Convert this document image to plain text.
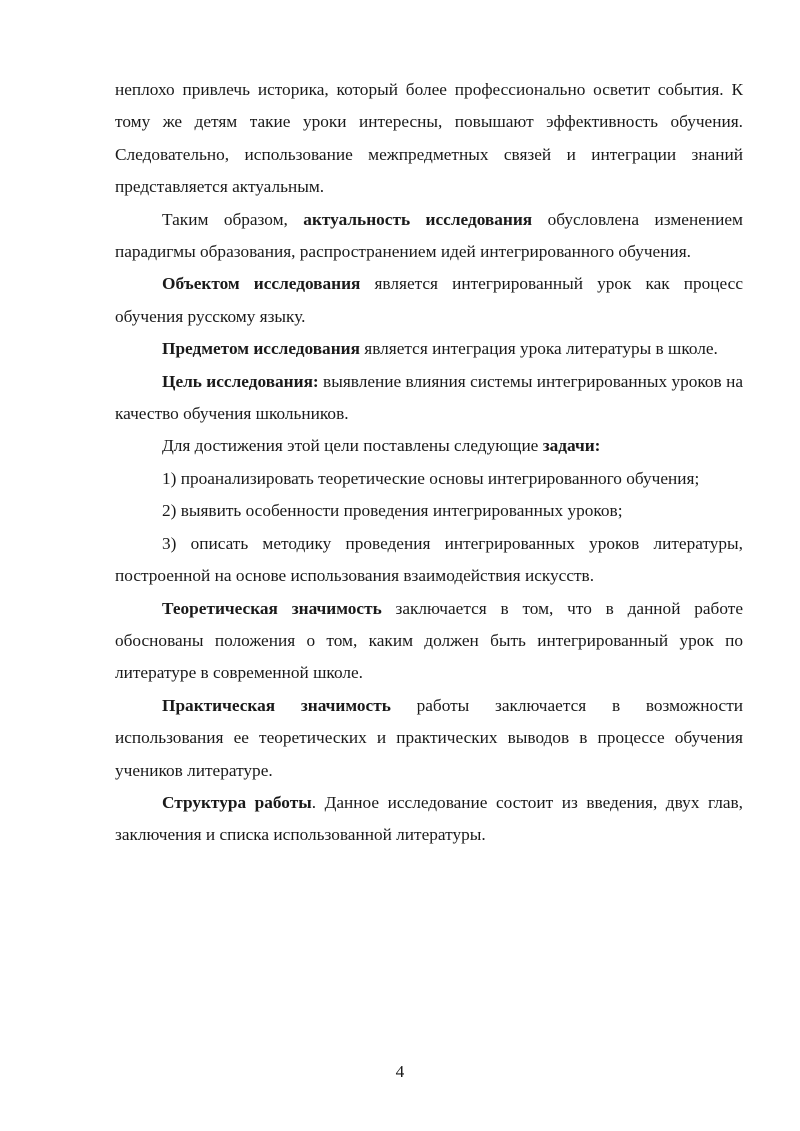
неплохо привлечь историка, который более профессионально осветит события. К тому же детям такие уроки интересны, повышают эффективность обучения. Следовательно, использование межпредметных связей и интеграции знаний представляется актуальным.

Таким образом, актуальность исследования обусловлена изменением парадигмы образования, распространением идей интегрированного обучения.

Объектом исследования является интегрированный урок как процесс обучения русскому языку.

Предметом исследования является интеграция урока литературы в школе.

Цель исследования: выявление влияния системы интегрированных уроков на качество обучения школьников.

Для достижения этой цели поставлены следующие задачи:

1) проанализировать теоретические основы интегрированного обучения;

2) выявить особенности проведения интегрированных уроков;

3) описать методику проведения интегрированных уроков литературы, построенной на основе использования взаимодействия искусств.

Теоретическая значимость заключается в том, что в данной работе обоснованы положения о том, каким должен быть интегрированный урок по литературе в современной школе.

Практическая значимость работы заключается в возможности использования ее теоретических и практических выводов в процессе обучения учеников литературе.

Структура работы. Данное исследование состоит из введения, двух глав, заключения и списка использованной литературы.

4
